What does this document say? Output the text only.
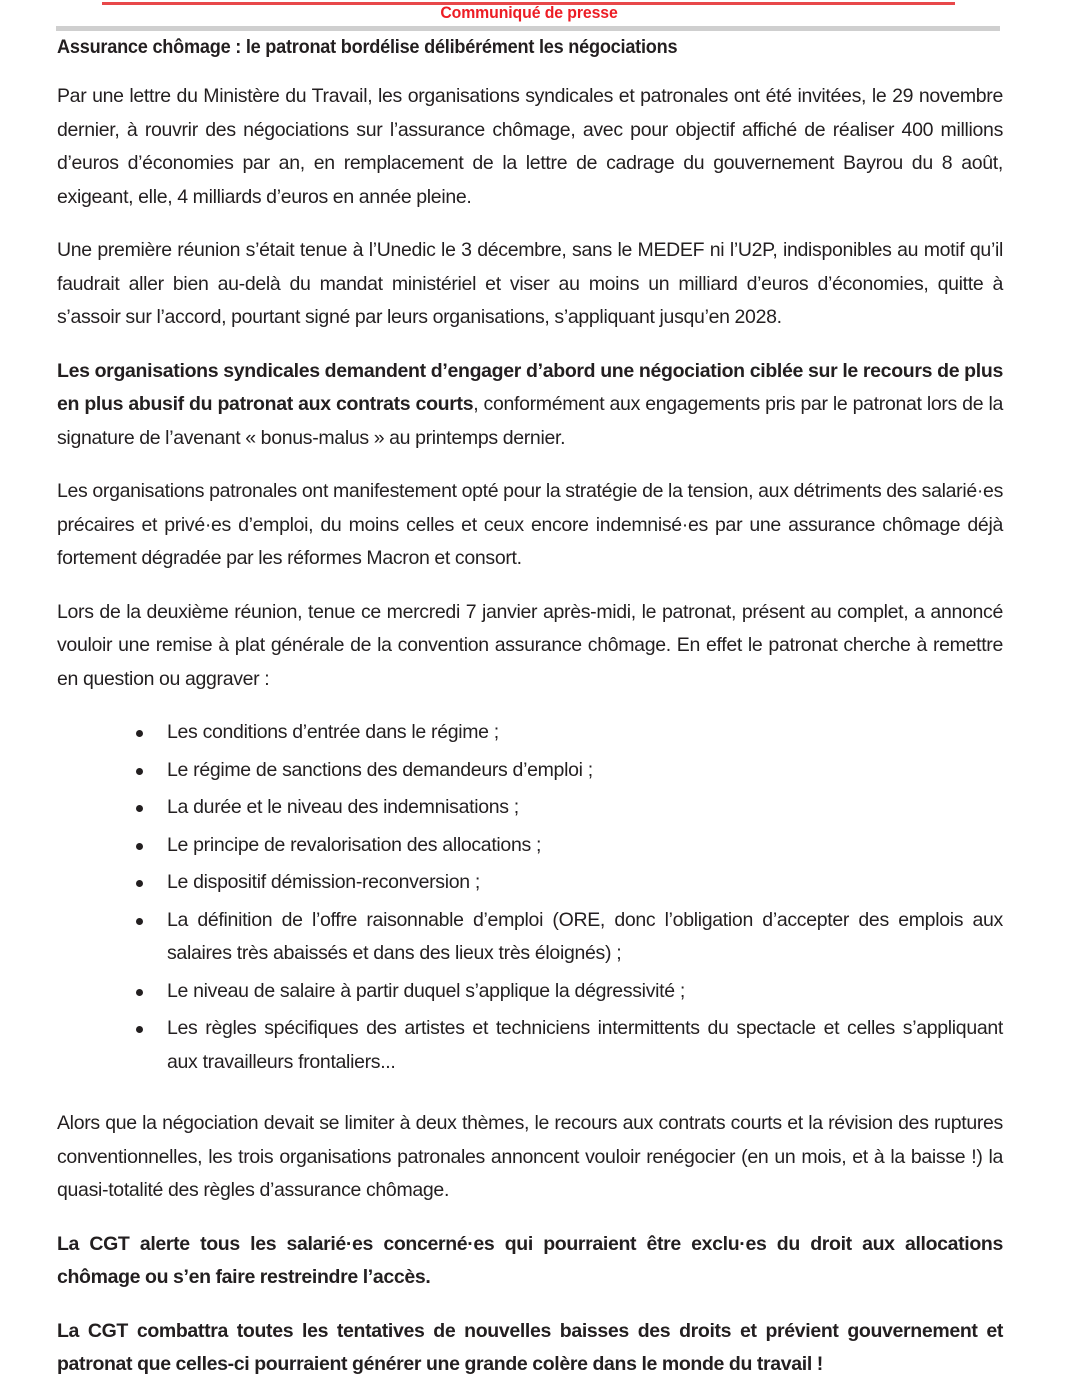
Communiqué de presse
Assurance chômage : le patronat bordélise délibérément les négociations

Par une lettre du Ministère du Travail, les organisations syndicales et patronales ont été invitées, le 29 novembre dernier, à rouvrir des négociations sur l’assurance chômage, avec pour objectif affiché de réaliser 400 millions d’euros d’économies par an, en remplacement de la lettre de cadrage du gouvernement Bayrou du 8 août, exigeant, elle, 4 milliards d’euros en année pleine.

Une première réunion s’était tenue à l’Unedic le 3 décembre, sans le MEDEF ni l’U2P, indisponibles au motif qu’il faudrait aller bien au-delà du mandat ministériel et viser au moins un milliard d’euros d’économies, quitte à s’assoir sur l’accord, pourtant signé par leurs organisations, s’appliquant jusqu’en 2028.

Les organisations syndicales demandent d’engager d’abord une négociation ciblée sur le recours de plus en plus abusif du patronat aux contrats courts, conformément aux engagements pris par le patronat lors de la signature de l’avenant « bonus-malus » au printemps dernier.

Les organisations patronales ont manifestement opté pour la stratégie de la tension, aux détriments des salarié·es précaires et privé·es d’emploi, du moins celles et ceux encore indemnisé·es par une assurance chômage déjà fortement dégradée par les réformes Macron et consort.

Lors de la deuxième réunion, tenue ce mercredi 7 janvier après-midi, le patronat, présent au complet, a annoncé vouloir une remise à plat générale de la convention assurance chômage. En effet le patronat cherche à remettre en question ou aggraver :

Les conditions d’entrée dans le régime ;
Le régime de sanctions des demandeurs d’emploi ;
La durée et le niveau des indemnisations ;
Le principe de revalorisation des allocations ;
Le dispositif démission-reconversion ;
La définition de l’offre raisonnable d’emploi (ORE, donc l’obligation d’accepter des emplois aux salaires très abaissés et dans des lieux très éloignés) ;
Le niveau de salaire à partir duquel s’applique la dégressivité ;
Les règles spécifiques des artistes et techniciens intermittents du spectacle et celles s’appliquant aux travailleurs frontaliers...

Alors que la négociation devait se limiter à deux thèmes, le recours aux contrats courts et la révision des ruptures conventionnelles, les trois organisations patronales annoncent vouloir renégocier (en un mois, et à la baisse !) la quasi-totalité des règles d’assurance chômage.

La CGT alerte tous les salarié·es concerné·es qui pourraient être exclu·es du droit aux allocations chômage ou s’en faire restreindre l’accès.

La CGT combattra toutes les tentatives de nouvelles baisses des droits et prévient gouvernement et patronat que celles-ci pourraient générer une grande colère dans le monde du travail !
